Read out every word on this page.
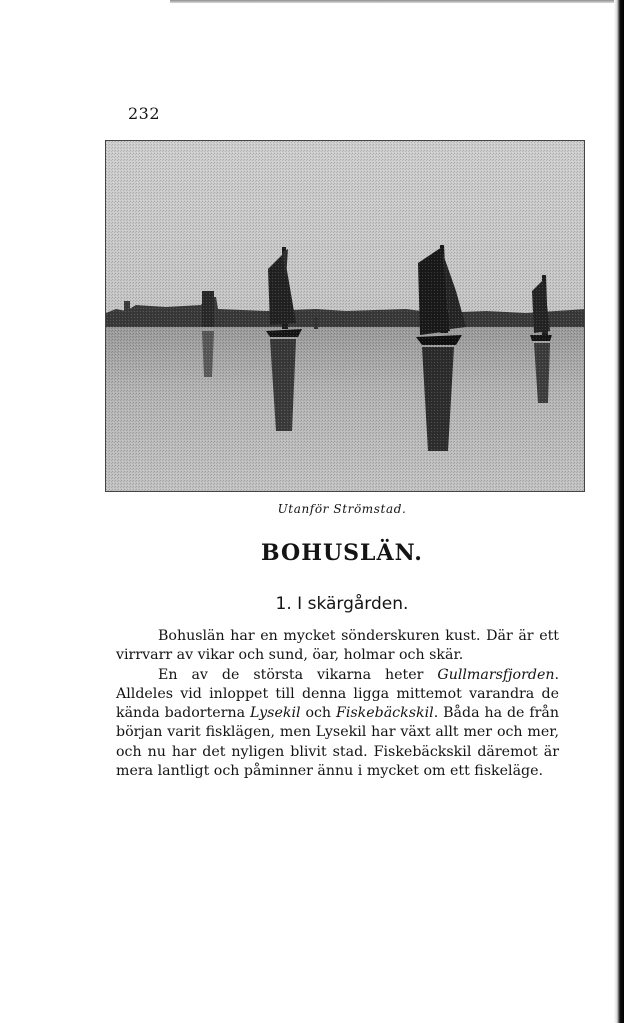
232
Utanför Strömstad.
BOHUSLÄN.
1. I skärgården.

Bohuslän har en mycket sönderskuren kust. Där är ett virrvarr av vikar och sund, öar, holmar och skär.

En av de största vikarna heter Gullmarsfjorden. Alldeles vid inloppet till denna ligga mittemot varandra de kända badorterna Lysekil och Fiskebäckskil. Båda ha de från början varit fisklägen, men Lysekil har växt allt mer och mer, och nu har det nyligen blivit stad. Fiskebäckskil däremot är mera lantligt och påminner ännu i mycket om ett fiskeläge.
